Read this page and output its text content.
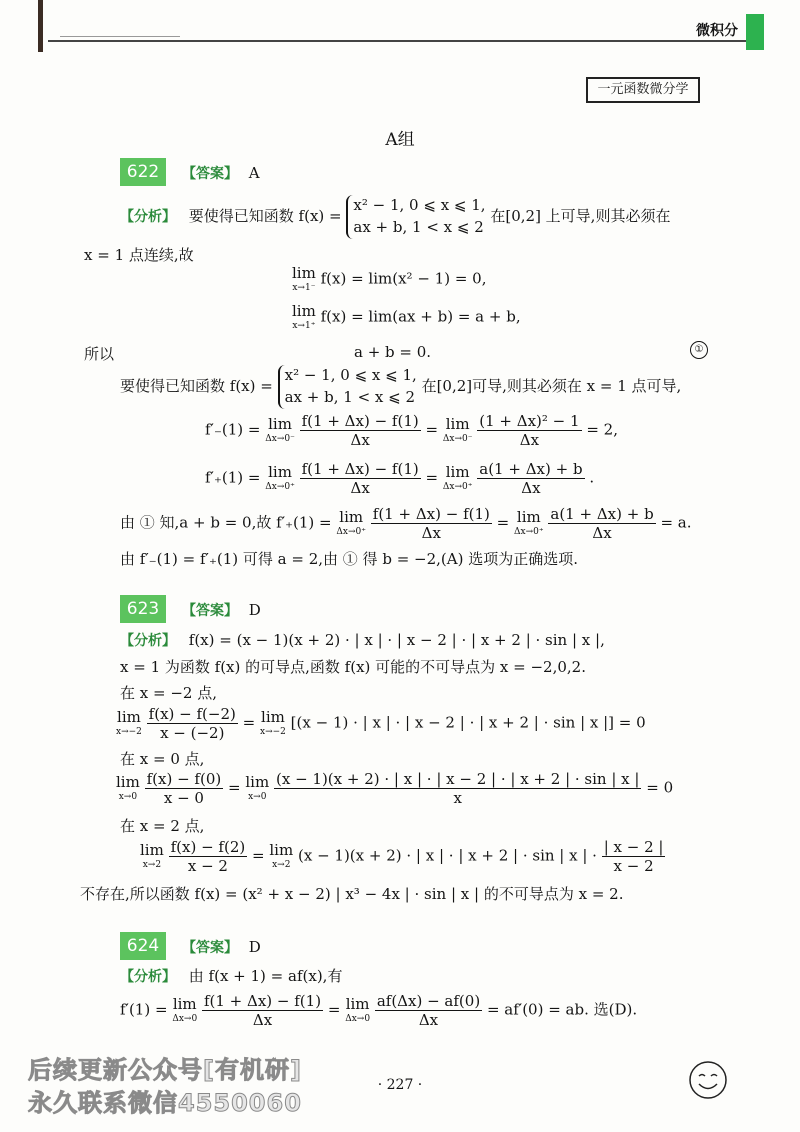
微积分
一元函数微分学
A组
622	【答案】 A
【分析】 要使得已知函数 f(x) =
x² − 1, 0 ⩽ x ⩽ 1,
ax + b, 1 < x ⩽ 2
在[0,2] 上可导,则其必须在
x = 1 点连续,故
lim
x→1⁻
f(x) = lim(x² − 1) = 0,
lim
x→1⁺
f(x) = lim(ax + b) = a + b,
所以	a + b = 0.	①
要使得已知函数 f(x) =
x² − 1, 0 ⩽ x ⩽ 1,
ax + b, 1 < x ⩽ 2
在[0,2]可导,则其必须在 x = 1 点可导,
f′₋(1) = lim
Δx→0⁻
$\frac{f(1 + \Delta x) - f(1)}{\Delta x} = \lim$
Δx→0⁻
$\frac{\text{(1 + Δx)² − 1}}{\Delta x} = 2$,
f′₊(1) = lim
Δx→0⁺
$\frac{f(1 + \Delta x) - f(1)}{\Delta x} = \lim$
Δx→0⁺
$\frac{a(1 + \Delta x) + b}{\Delta x}$ .
由 ① 知,a + b = 0,故 f′₊(1) = lim
Δx→0⁺
$\frac{f(1 + \Delta x) - f(1)}{\Delta x} = \lim$
Δx→0⁺
$\frac{a(1 + \Delta x) + b}{\Delta x} = a$.
由 f′₋(1) = f′₊(1) 可得 a = 2,由 ① 得 b = −2,(A) 选项为正确选项.
623	【答案】 D
【分析】 f(x) = (x − 1)(x + 2) · | x | · | x − 2 | · | x + 2 | · sin | x |,
x = 1 为函数 f(x) 的可导点,函数 f(x) 可能的不可导点为 x = −2,0,2.
在 x = −2 点,
lim
x→−2
$\frac{f(x) - f(-2)}{x - (-2)} = \lim$
x→−2
[(x − 1) · | x | · | x − 2 | · | x + 2 | · sin | x |] = 0
在 x = 0 点,
lim
x→0
$\frac{f(x) - f(0)}{x - 0} = \lim$
x→0
$\frac{(x - 1)(x + 2) \cdot | x | \cdot | x - 2 | \cdot | x + 2 | \cdot \sin | x |}{x} = 0$
在 x = 2 点,
lim
x→2
$\frac{f(x) - f(2)}{x - 2} = \lim$
x→2
(x − 1)(x + 2) · | x | · | x + 2 | · sin | x | · $\frac{| x - 2 |}{x - 2}$
不存在,所以函数 f(x) = (x² + x − 2) | x³ − 4x | · sin | x | 的不可导点为 x = 2.
624	【答案】 D
【分析】 由 f(x + 1) = af(x),有
f′(1) = lim
Δx→0
$\frac{f(1 + \Delta x) - f(1)}{\Delta x} = \lim$
Δx→0
$\frac{af(\Delta x) - af(0)}{\Delta x} = af'(0)$ = ab. 选(D).
后续更新公众号[有机研]
永久联系微信4550060
· 227 ·
